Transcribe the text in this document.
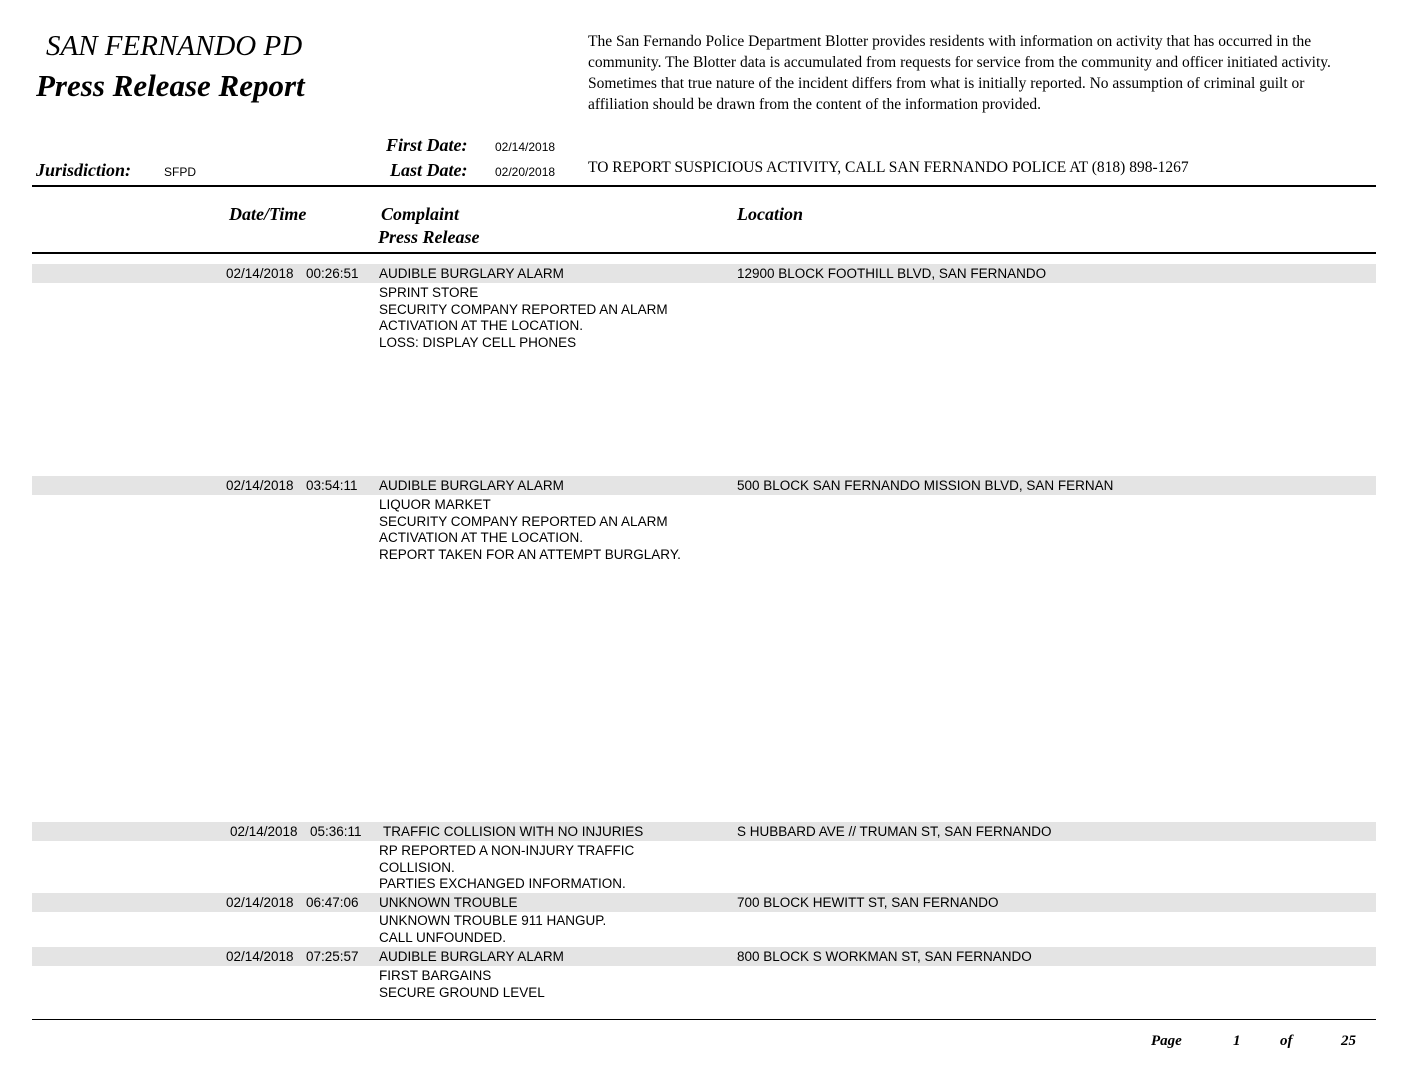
SAN FERNANDO PD
Press Release Report
The San Fernando Police Department Blotter provides residents with information on activity that has occurred in the community. The Blotter data is accumulated from requests for service from the community and officer initiated activity. Sometimes that true nature of the incident differs from what is initially reported. No assumption of criminal guilt or affiliation should be drawn from the content of the information provided.
Jurisdiction:	SFPD
First Date: 02/14/2018
Last Date: 02/20/2018 TO REPORT SUSPICIOUS ACTIVITY, CALL SAN FERNANDO POLICE AT (818) 898-1267
Date/Time	Complaint
Press Release
Location
02/14/2018 00:26:51 AUDIBLE BURGLARY ALARM	12900 BLOCK FOOTHILL BLVD, SAN FERNANDO
SPRINT STORE
SECURITY COMPANY REPORTED AN ALARM
ACTIVATION AT THE LOCATION.
LOSS: DISPLAY CELL PHONES
02/14/2018 03:54:11 AUDIBLE BURGLARY ALARM	500 BLOCK SAN FERNANDO MISSION BLVD, SAN FERNAN
LIQUOR MARKET
SECURITY COMPANY REPORTED AN ALARM
ACTIVATION AT THE LOCATION.
REPORT TAKEN FOR AN ATTEMPT BURGLARY.
02/14/2018 05:36:11 TRAFFIC COLLISION WITH NO INJURIES	S HUBBARD AVE // TRUMAN ST, SAN FERNANDO
RP REPORTED A NON-INJURY TRAFFIC
COLLISION.
PARTIES EXCHANGED INFORMATION.
02/14/2018 06:47:06 UNKNOWN TROUBLE	700 BLOCK HEWITT ST, SAN FERNANDO
UNKNOWN TROUBLE 911 HANGUP.
CALL UNFOUNDED.
02/14/2018 07:25:57 AUDIBLE BURGLARY ALARM	800 BLOCK S WORKMAN ST, SAN FERNANDO
FIRST BARGAINS
SECURE GROUND LEVEL
Page	1	of	25
